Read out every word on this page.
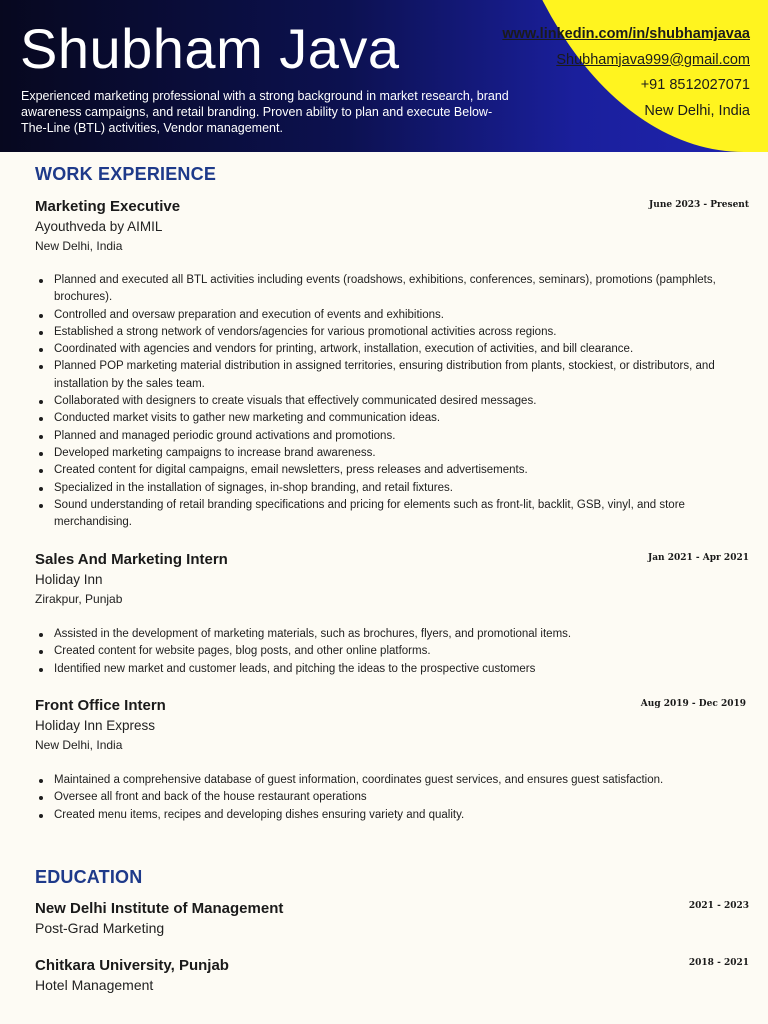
Shubham Java
Experienced marketing professional with a strong background in market research, brand awareness campaigns, and retail branding. Proven ability to plan and execute Below-The-Line (BTL) activities, Vendor management.
www.linkedin.com/in/shubhamjavaa
Shubhamjava999@gmail.com
+91 8512027071
New Delhi, India
WORK EXPERIENCE
Marketing Executive
Ayouthveda by AIMIL
New Delhi, India
June 2023 - Present
Planned and executed all BTL activities including events (roadshows, exhibitions, conferences, seminars), promotions (pamphlets, brochures).
Controlled and oversaw preparation and execution of events and exhibitions.
Established a strong network of vendors/agencies for various promotional activities across regions.
Coordinated with agencies and vendors for printing, artwork, installation, execution of activities, and bill clearance.
Planned POP marketing material distribution in assigned territories, ensuring distribution from plants, stockiest, or distributors, and installation by the sales team.
Collaborated with designers to create visuals that effectively communicated desired messages.
Conducted market visits to gather new marketing and communication ideas.
Planned and managed periodic ground activations and promotions.
Developed marketing campaigns to increase brand awareness.
Created content for digital campaigns, email newsletters, press releases and advertisements.
Specialized in the installation of signages, in-shop branding, and retail fixtures.
Sound understanding of retail branding specifications and pricing for elements such as front-lit, backlit, GSB, vinyl, and store merchandising.
Sales And Marketing Intern
Holiday Inn
Zirakpur, Punjab
Jan 2021 - Apr 2021
Assisted in the development of marketing materials, such as brochures, flyers, and promotional items.
Created content for website pages, blog posts, and other online platforms.
Identified new market and customer leads, and pitching the ideas to the prospective customers
Front Office Intern
Holiday Inn Express
New Delhi, India
Aug 2019 - Dec 2019
Maintained a comprehensive database of guest information, coordinates guest services, and ensures guest satisfaction.
Oversee all front and back of the house restaurant operations
Created menu items, recipes and developing dishes ensuring variety and quality.
EDUCATION
New Delhi Institute of Management
Post-Grad Marketing
2021 - 2023
Chitkara University, Punjab
Hotel Management
2018 - 2021
